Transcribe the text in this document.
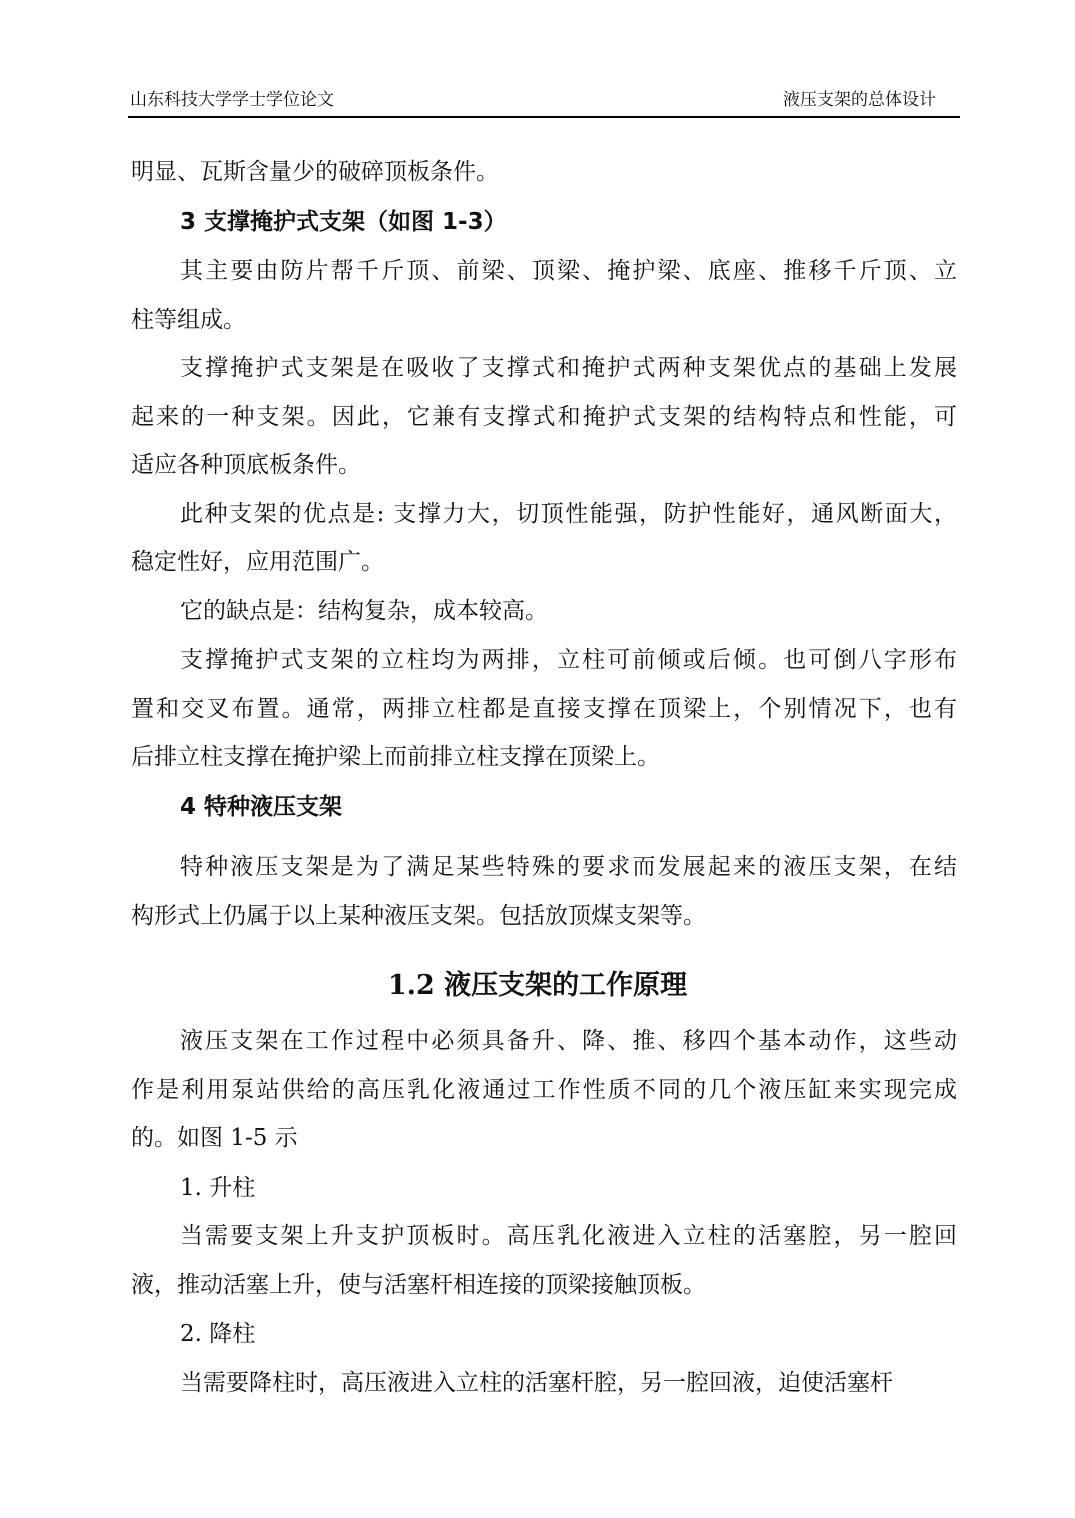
山东科技大学学士学位论文	液压支架的总体设计
明显、瓦斯含量少的破碎顶板条件。
3 支撑掩护式支架（如图 1-3）
其主要由防片帮千斤顶、前梁、顶梁、掩护梁、底座、推移千斤顶、立
柱等组成。
支撑掩护式支架是在吸收了支撑式和掩护式两种支架优点的基础上发展
起来的一种支架。因此，它兼有支撑式和掩护式支架的结构特点和性能，可
适应各种顶底板条件。
此种支架的优点是: 支撑力大，切顶性能强，防护性能好，通风断面大，
稳定性好，应用范围广。
它的缺点是：结构复杂，成本较高。
支撑掩护式支架的立柱均为两排，立柱可前倾或后倾。也可倒八字形布
置和交叉布置。通常，两排立柱都是直接支撑在顶梁上，个别情况下，也有
后排立柱支撑在掩护梁上而前排立柱支撑在顶梁上。
4 特种液压支架
特种液压支架是为了满足某些特殊的要求而发展起来的液压支架，在结
构形式上仍属于以上某种液压支架。包括放顶煤支架等。
1.2 液压支架的工作原理
液压支架在工作过程中必须具备升、降、推、移四个基本动作，这些动
作是利用泵站供给的高压乳化液通过工作性质不同的几个液压缸来实现完成
的。如图 1-5 示
1. 升柱
当需要支架上升支护顶板时。高压乳化液进入立柱的活塞腔，另一腔回
液，推动活塞上升，使与活塞杆相连接的顶梁接触顶板。
2. 降柱
当需要降柱时，高压液进入立柱的活塞杆腔，另一腔回液，迫使活塞杆
